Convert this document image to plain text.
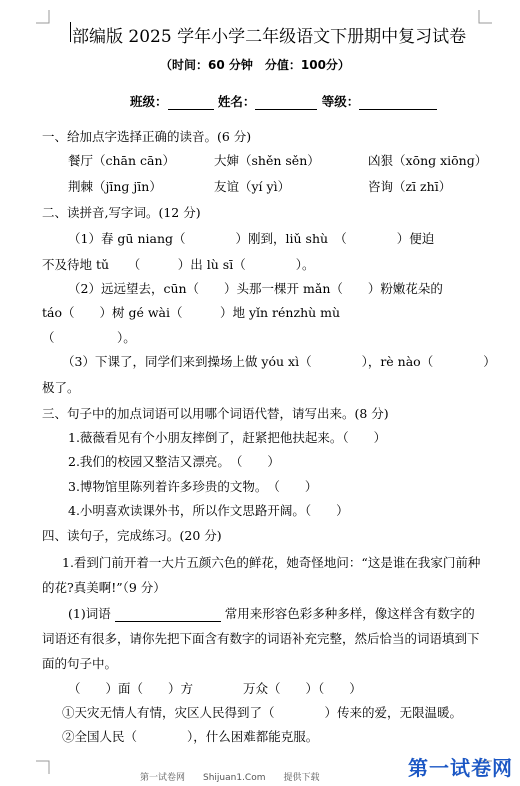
部编版 2025 学年小学二年级语文下册期中复习试卷
（时间：60 分钟　分值：100分）
班级：	姓名：	等级：
一、给加点字选择正确的读音。(6 分)
餐厅（chān cān）	大婶（shěn sěn）	凶狠（xōnɡ xiōnɡ）
荆棘（jīnɡ jīn）	友谊（yí yì）	咨询（zī zhī）
二、读拼音,写字词。(12 分)
（1）春 gū niang（　　　　）刚到，liǔ shù　（　　　　）便迫
不及待地 tǔ　　（　　　）出 lù sī（　　　　）。
（2）远远望去，cūn（　　）头那一棵开 mǎn（　　）粉嫩花朵的
táo（　　）树 gé wài（　　　）地 yǐn rénzhù mù
（　　　　　）。
（3）下课了，同学们来到操场上做 yóu xì（　　　　），rè nào（　　　　）
极了。
三、句子中的加点词语可以用哪个词语代替，请写出来。(8 分)
1.薇薇看见有个小朋友摔倒了，赶紧把他扶起来。（　　）
2.我们的校园又整洁又漂亮。　（　　）
3.博物馆里陈列着许多珍贵的文物。　（　　）
4.小明喜欢读课外书，所以作文思路开阔。（　　）
四、读句子，完成练习。(20 分)
1.看到门前开着一大片五颜六色的鲜花，她奇怪地问：“这是谁在我家门前种
的花?真美啊!”（9 分）
(1)词语	常用来形容色彩多种多样，像这样含有数字的
词语还有很多，请你先把下面含有数字的词语补充完整，然后恰当的词语填到下
面的句子中。
（　　）面（　　）方　　　　万众（　　）（　　）
①天灾无情人有情，灾区人民得到了（　　　　）传来的爱，无限温暖。
②全国人民（　　　　），什么困难都能克服。
第一试卷网　　Shijuan1.Com　　提供下载	第一试卷网
